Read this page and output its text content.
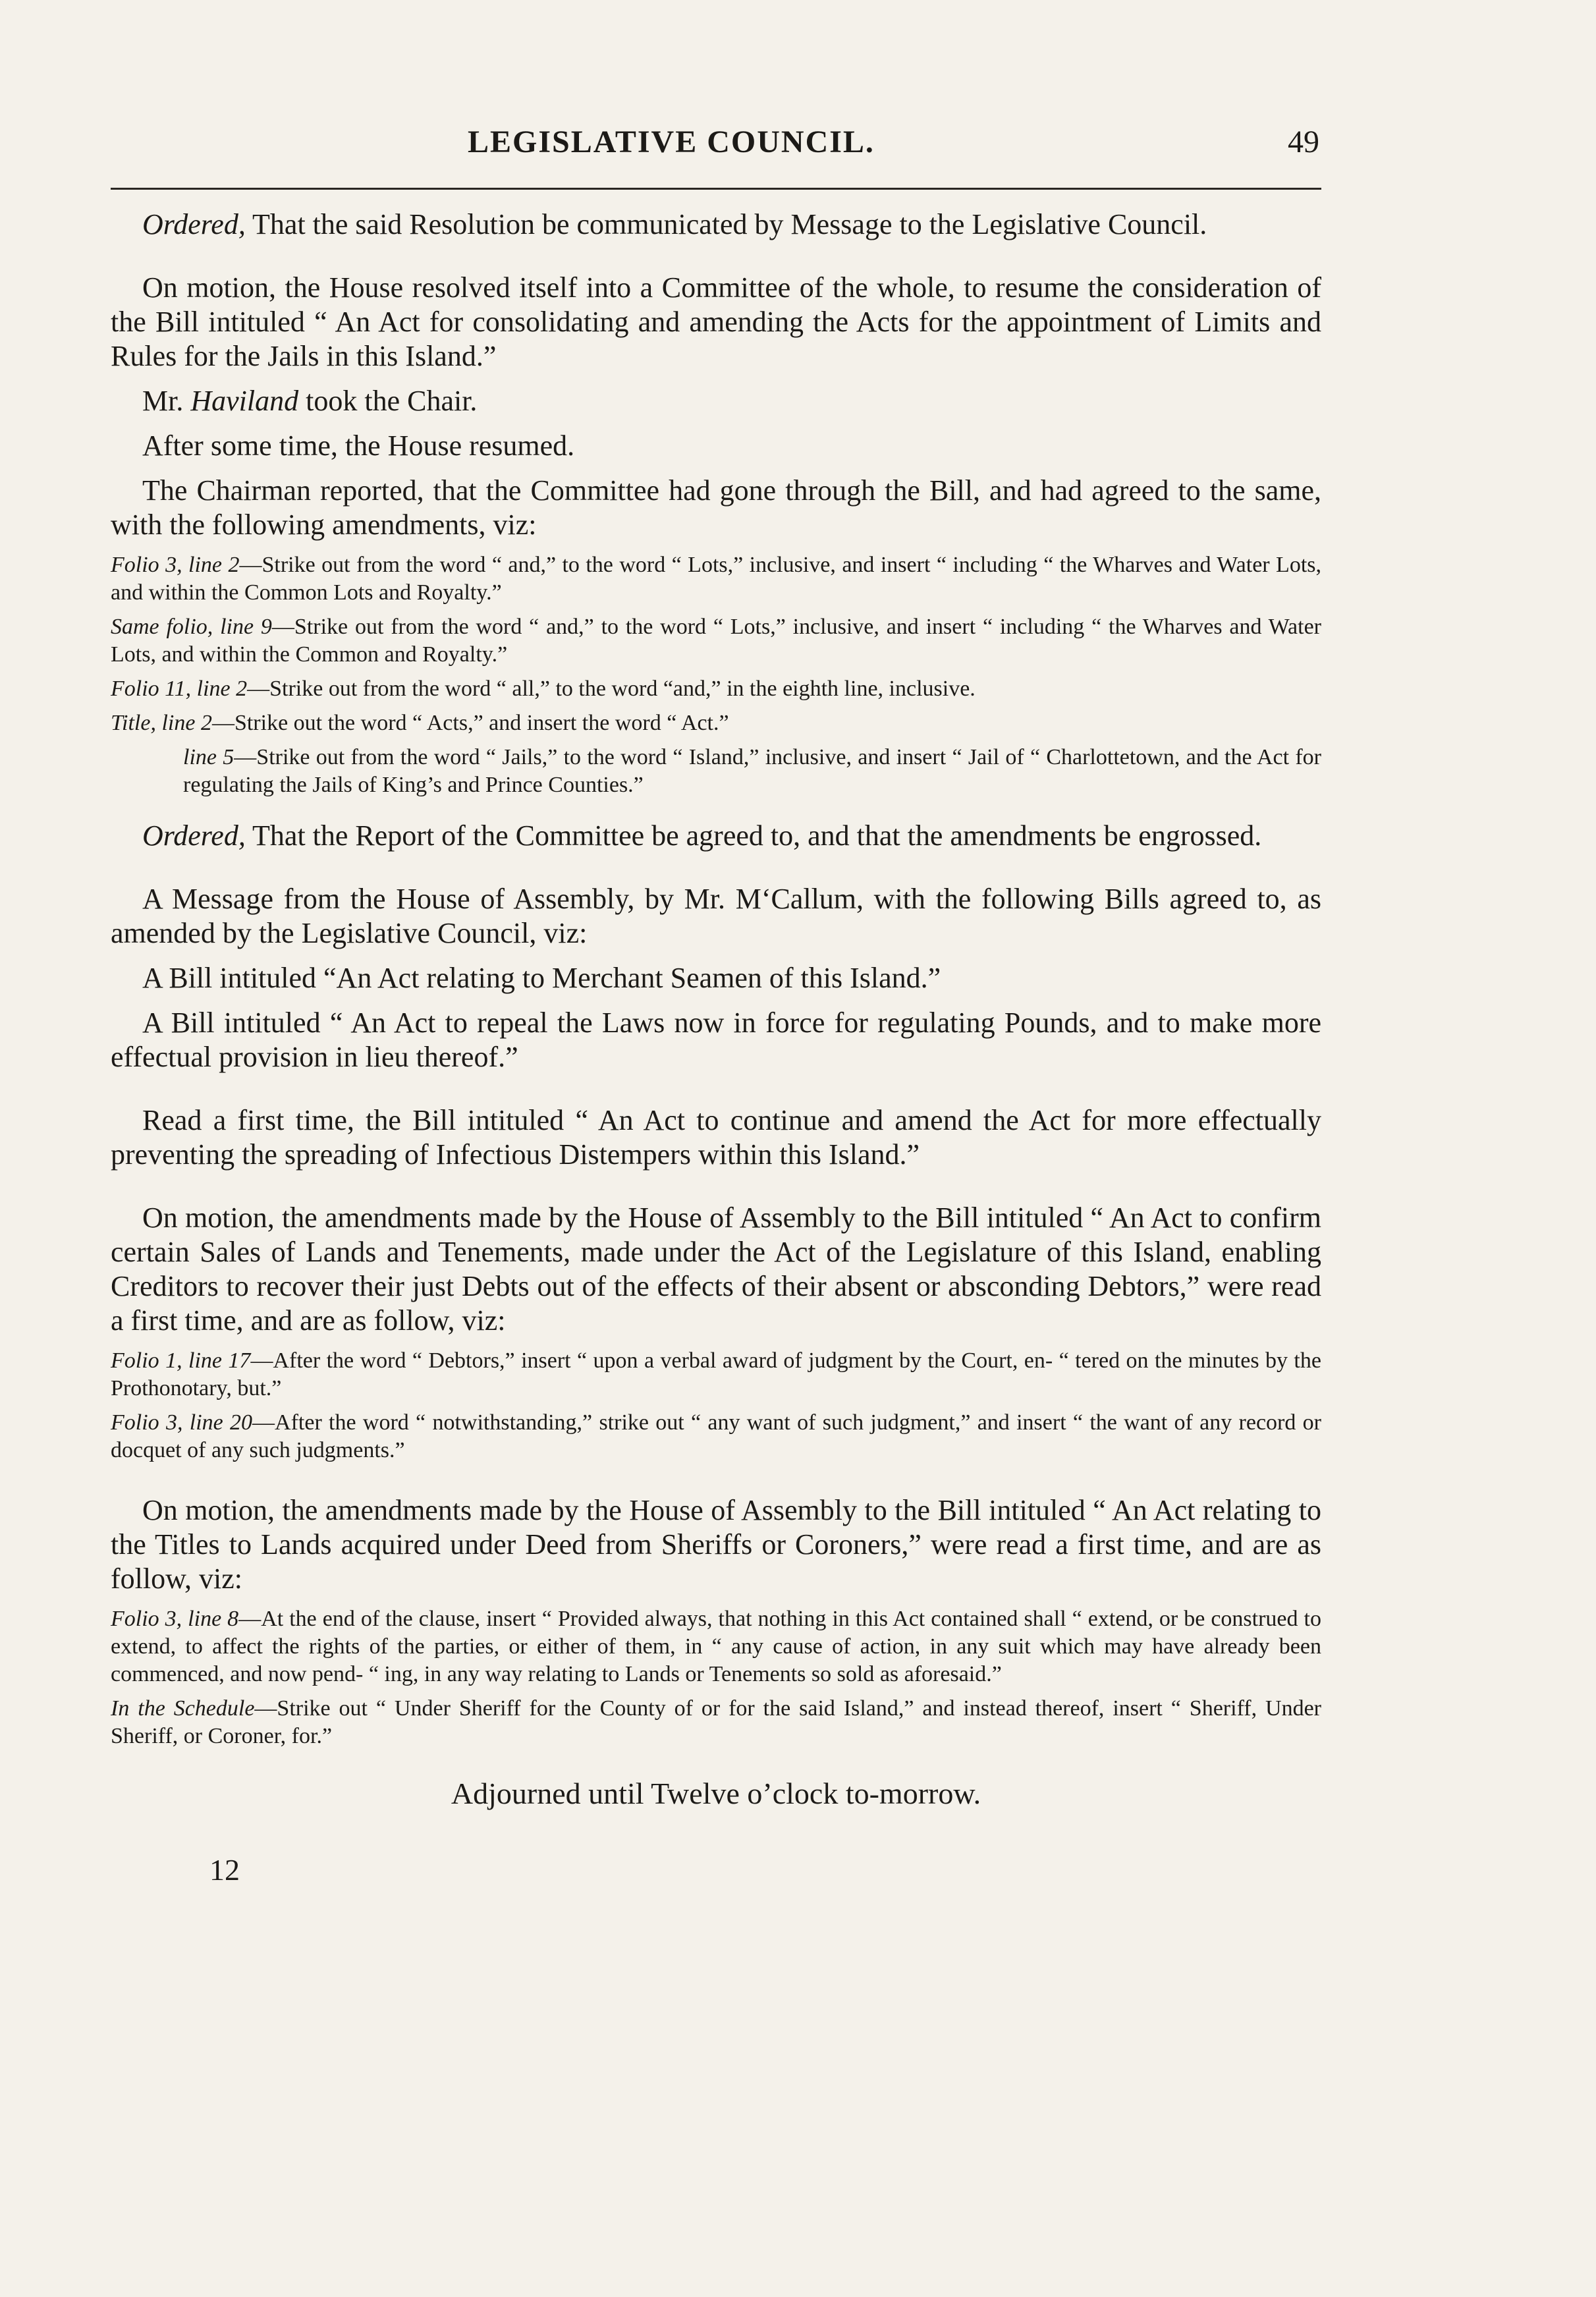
LEGISLATIVE COUNCIL.	49

Ordered, That the said Resolution be communicated by Message to the Legislative Council.

On motion, the House resolved itself into a Committee of the whole, to resume the consideration of the Bill intituled “ An Act for consolidating and amending the Acts for the appointment of Limits and Rules for the Jails in this Island.”

Mr. Haviland took the Chair.

After some time, the House resumed.

The Chairman reported, that the Committee had gone through the Bill, and had agreed to the same, with the following amendments, viz:

Folio 3, line 2—Strike out from the word “ and,” to the word “ Lots,” inclusive, and insert “ including “ the Wharves and Water Lots, and within the Common Lots and Royalty.”

Same folio, line 9—Strike out from the word “ and,” to the word “ Lots,” inclusive, and insert “ including “ the Wharves and Water Lots, and within the Common and Royalty.”

Folio 11, line 2—Strike out from the word “ all,” to the word “and,” in the eighth line, inclusive.

Title, line 2—Strike out the word “ Acts,” and insert the word “ Act.”

line 5—Strike out from the word “ Jails,” to the word “ Island,” inclusive, and insert “ Jail of “ Charlottetown, and the Act for regulating the Jails of King’s and Prince Counties.”

Ordered, That the Report of the Committee be agreed to, and that the amendments be engrossed.

A Message from the House of Assembly, by Mr. M‘Callum, with the following Bills agreed to, as amended by the Legislative Council, viz:

A Bill intituled “An Act relating to Merchant Seamen of this Island.”

A Bill intituled “ An Act to repeal the Laws now in force for regulating Pounds, and to make more effectual provision in lieu thereof.”

Read a first time, the Bill intituled “ An Act to continue and amend the Act for more effectually preventing the spreading of Infectious Distempers within this Island.”

On motion, the amendments made by the House of Assembly to the Bill intituled “ An Act to confirm certain Sales of Lands and Tenements, made under the Act of the Legislature of this Island, enabling Creditors to recover their just Debts out of the effects of their absent or absconding Debtors,” were read a first time, and are as follow, viz:

Folio 1, line 17—After the word “ Debtors,” insert “ upon a verbal award of judgment by the Court, en- “ tered on the minutes by the Prothonotary, but.”

Folio 3, line 20—After the word “ notwithstanding,” strike out “ any want of such judgment,” and insert “ the want of any record or docquet of any such judgments.”

On motion, the amendments made by the House of Assembly to the Bill intituled “ An Act relating to the Titles to Lands acquired under Deed from Sheriffs or Coroners,” were read a first time, and are as follow, viz:

Folio 3, line 8—At the end of the clause, insert “ Provided always, that nothing in this Act contained shall “ extend, or be construed to extend, to affect the rights of the parties, or either of them, in “ any cause of action, in any suit which may have already been commenced, and now pend- “ ing, in any way relating to Lands or Tenements so sold as aforesaid.”

In the Schedule—Strike out “ Under Sheriff for the County of or for the said Island,” and instead thereof, insert “ Sheriff, Under Sheriff, or Coroner, for.”

Adjourned until Twelve o’clock to-morrow.

12
